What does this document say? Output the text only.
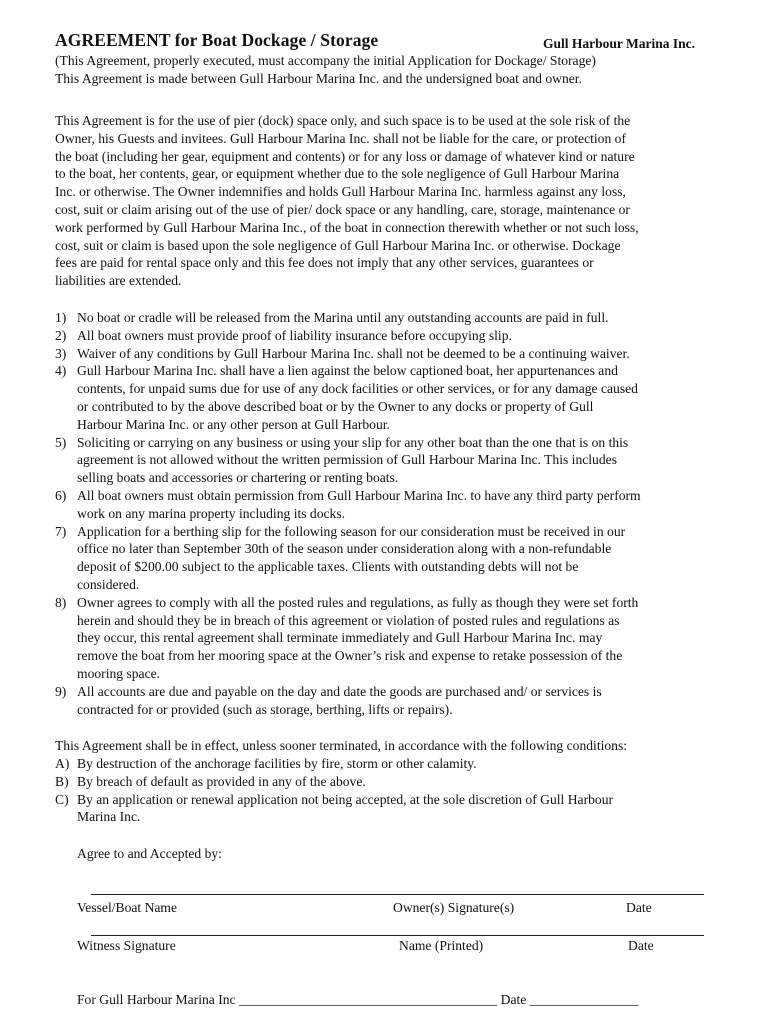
AGREEMENT for Boat Dockage / Storage	Gull Harbour Marina Inc.
(This Agreement, properly executed, must accompany the initial Application for Dockage/ Storage)
This Agreement is made between Gull Harbour Marina Inc. and the undersigned boat and owner.

This Agreement is for the use of pier (dock) space only, and such space is to be used at the sole risk of the

Owner, his Guests and invitees. Gull Harbour Marina Inc. shall not be liable for the care, or protection of

the boat (including her gear, equipment and contents) or for any loss or damage of whatever kind or nature

to the boat, her contents, gear, or equipment whether due to the sole negligence of Gull Harbour Marina

Inc. or otherwise. The Owner indemnifies and holds Gull Harbour Marina Inc. harmless against any loss,

cost, suit or claim arising out of the use of pier/ dock space or any handling, care, storage, maintenance or

work performed by Gull Harbour Marina Inc., of the boat in connection therewith whether or not such loss,

cost, suit or claim is based upon the sole negligence of Gull Harbour Marina Inc. or otherwise. Dockage

fees are paid for rental space only and this fee does not imply that any other services, guarantees or

liabilities are extended.

1) No boat or cradle will be released from the Marina until any outstanding accounts are paid in full.
2) All boat owners must provide proof of liability insurance before occupying slip.
3) Waiver of any conditions by Gull Harbour Marina Inc. shall not be deemed to be a continuing waiver.
4) Gull Harbour Marina Inc. shall have a lien against the below captioned boat, her appurtenances and
contents, for unpaid sums due for use of any dock facilities or other services, or for any damage caused
or contributed to by the above described boat or by the Owner to any docks or property of Gull
Harbour Marina Inc. or any other person at Gull Harbour.
5) Soliciting or carrying on any business or using your slip for any other boat than the one that is on this
agreement is not allowed without the written permission of Gull Harbour Marina Inc. This includes
selling boats and accessories or chartering or renting boats.
6) All boat owners must obtain permission from Gull Harbour Marina Inc. to have any third party perform
work on any marina property including its docks.
7) Application for a berthing slip for the following season for our consideration must be received in our
office no later than September 30th of the season under consideration along with a non-refundable
deposit of $200.00 subject to the applicable taxes. Clients with outstanding debts will not be
considered.
8) Owner agrees to comply with all the posted rules and regulations, as fully as though they were set forth
herein and should they be in breach of this agreement or violation of posted rules and regulations as
they occur, this rental agreement shall terminate immediately and Gull Harbour Marina Inc. may
remove the boat from her mooring space at the Owner’s risk and expense to retake possession of the
mooring space.
9) All accounts are due and payable on the day and date the goods are purchased and/ or services is
contracted for or provided (such as storage, berthing, lifts or repairs).
This Agreement shall be in effect, unless sooner terminated, in accordance with the following conditions:
A) By destruction of the anchorage facilities by fire, storm or other calamity.
B) By breach of default as provided in any of the above.
C) By an application or renewal application not being accepted, at the sole discretion of Gull Harbour
Marina Inc.
Agree to and Accepted by:
Vessel/Boat Name	Owner(s) Signature(s)	Date
Witness Signature	Name (Printed)	Date
For Gull Harbour Marina Inc ______________________________________ Date ________________
